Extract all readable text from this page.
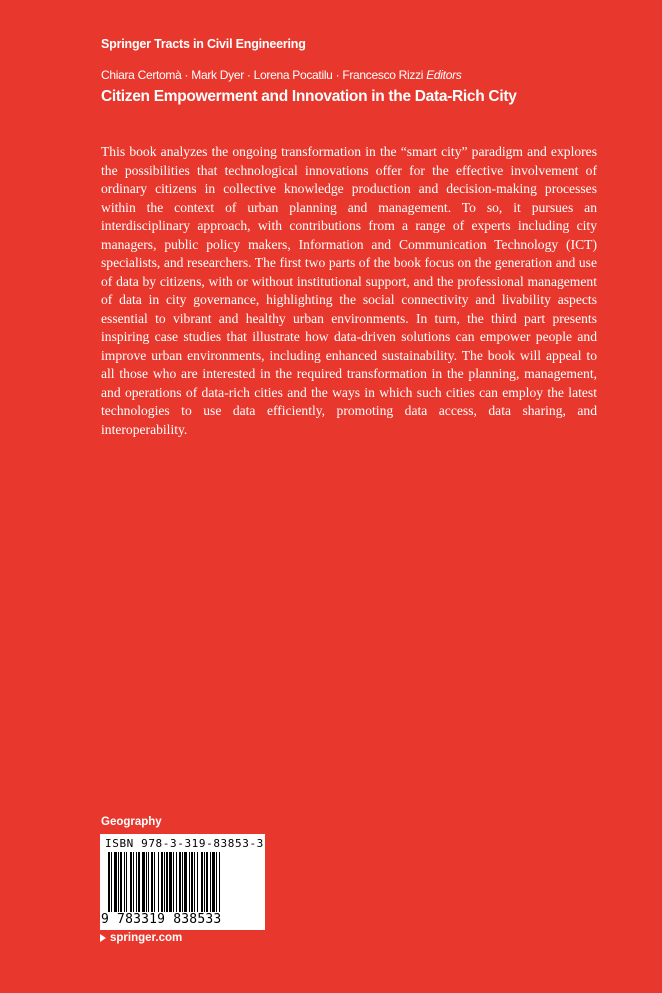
Springer Tracts in Civil Engineering
Chiara Certomà · Mark Dyer · Lorena Pocatilu · Francesco Rizzi Editors
Citizen Empowerment and Innovation in the Data-Rich City

This book analyzes the ongoing transformation in the “smart city” paradigm and explores the possibilities that technological innovations offer for the effective involvement of ordinary citizens in collective knowledge production and decision-making processes within the context of urban planning and management. To so, it pursues an interdisciplinary approach, with contributions from a range of experts including city managers, public policy makers, Information and Communication Technology (ICT) specialists, and researchers. The first two parts of the book focus on the generation and use of data by citizens, with or without institutional support, and the professional management of data in city governance, highlighting the social connectivity and livability aspects essential to vibrant and healthy urban environments. In turn, the third part presents inspiring case studies that illustrate how data-driven solutions can empower people and improve urban environments, including enhanced sustainability. The book will appeal to all those who are interested in the required transformation in the planning, management, and operations of data-rich cities and the ways in which such cities can employ the latest technologies to use data efficiently, promoting data access, data sharing, and interoperability.

Geography
ISBN 978-3-319-83853-3
9 783319 838533
springer.com
